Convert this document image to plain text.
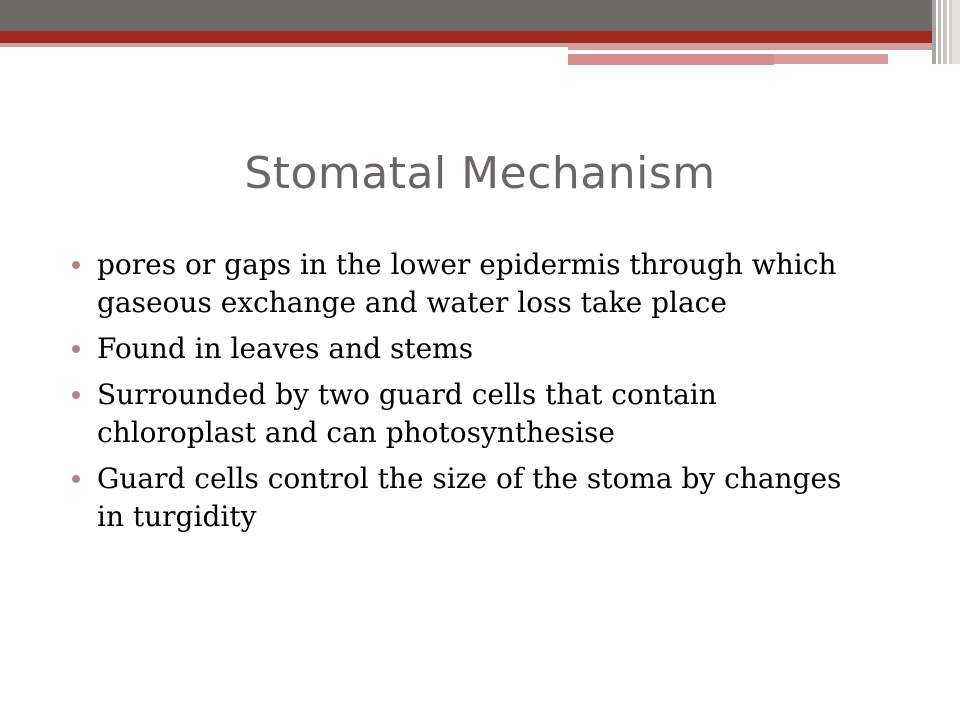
Stomatal Mechanism
pores or gaps in the lower epidermis through which gaseous exchange and water loss take place
Found in leaves and stems
Surrounded by two guard cells that contain chloroplast and can photosynthesise
Guard cells control the size of the stoma by changes in turgidity
